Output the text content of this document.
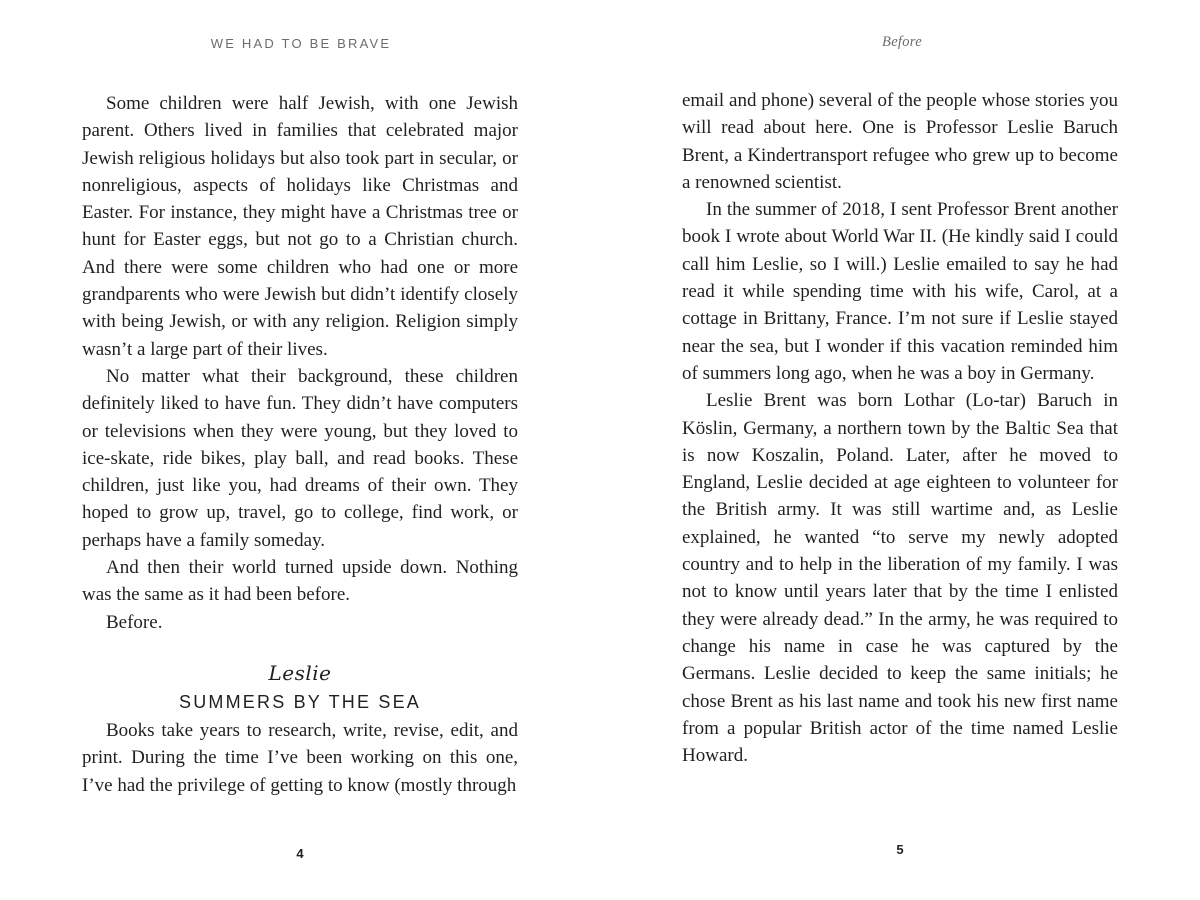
WE HAD TO BE BRAVE

Some children were half Jewish, with one Jewish parent. Others lived in families that celebrated major Jewish religious holidays but also took part in secular, or nonreligious, aspects of holidays like Christmas and Easter. For instance, they might have a Christmas tree or hunt for Easter eggs, but not go to a Christian church. And there were some children who had one or more grandparents who were Jewish but didn’t identify closely with being Jewish, or with any religion. Religion simply wasn’t a large part of their lives.

No matter what their background, these children definitely liked to have fun. They didn’t have computers or televisions when they were young, but they loved to ice-skate, ride bikes, play ball, and read books. These children, just like you, had dreams of their own. They hoped to grow up, travel, go to college, find work, or perhaps have a family someday.

And then their world turned upside down. Nothing was the same as it had been before.

Before.

Leslie
SUMMERS BY THE SEA

Books take years to research, write, revise, edit, and print. During the time I’ve been working on this one, I’ve had the privilege of getting to know (mostly through

4
Before

email and phone) several of the people whose stories you will read about here. One is Professor Leslie Baruch Brent, a Kindertransport refugee who grew up to become a renowned scientist.

In the summer of 2018, I sent Professor Brent another book I wrote about World War II. (He kindly said I could call him Leslie, so I will.) Leslie emailed to say he had read it while spending time with his wife, Carol, at a cottage in Brittany, France. I’m not sure if Leslie stayed near the sea, but I wonder if this vacation reminded him of summers long ago, when he was a boy in Germany.

Leslie Brent was born Lothar (Lo-tar) Baruch in Köslin, Germany, a northern town by the Baltic Sea that is now Koszalin, Poland. Later, after he moved to England, Leslie decided at age eighteen to volunteer for the British army. It was still wartime and, as Leslie explained, he wanted “to serve my newly adopted country and to help in the liberation of my family. I was not to know until years later that by the time I enlisted they were already dead.” In the army, he was required to change his name in case he was captured by the Germans. Leslie decided to keep the same initials; he chose Brent as his last name and took his new first name from a popular British actor of the time named Leslie Howard.

5
